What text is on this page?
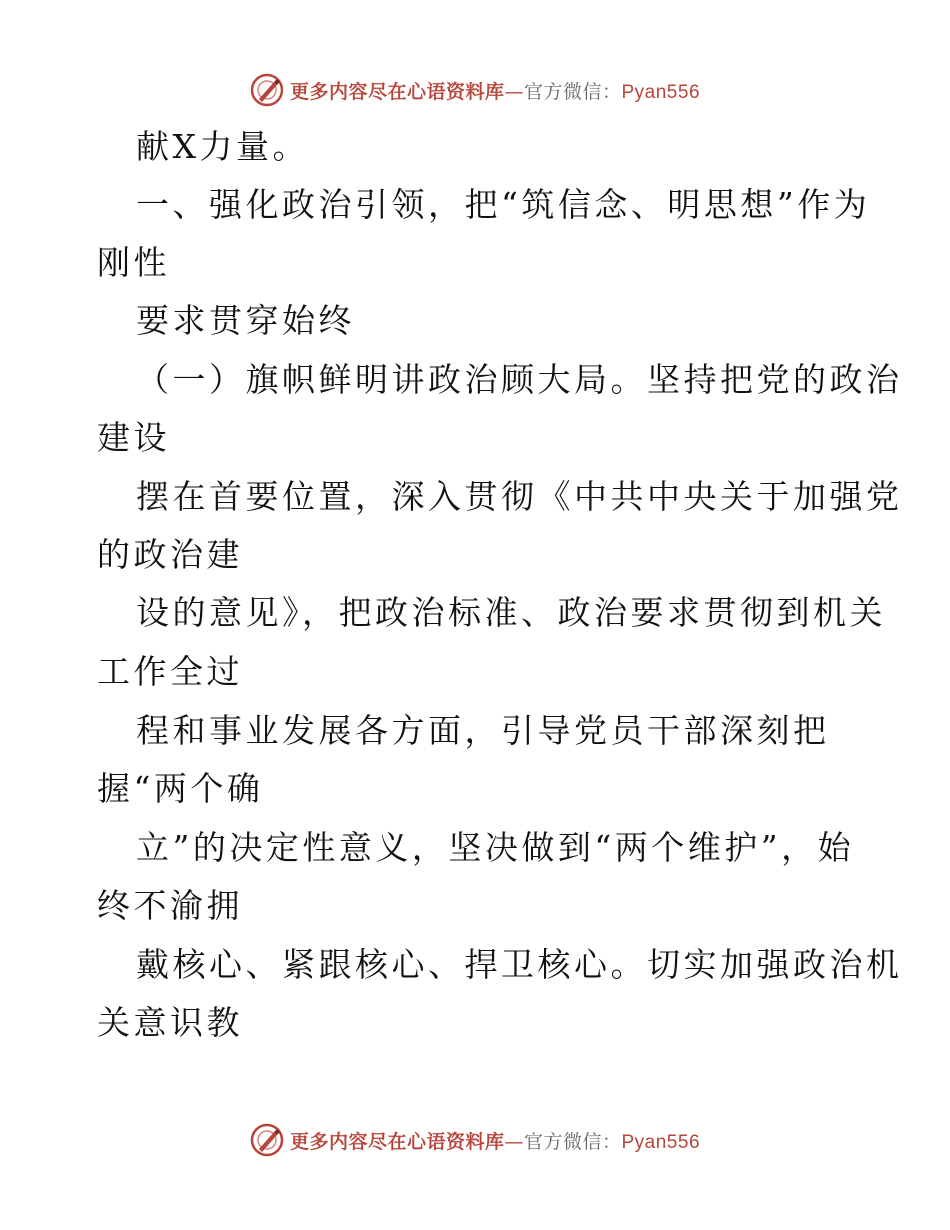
更多内容尽在心语资料库—官方微信：Pyan556
献X力量。
一、强化政治引领，把“筑信念、明思想”作为
刚性
要求贯穿始终
（一）旗帜鲜明讲政治顾大局。坚持把党的政治
建设
摆在首要位置，深入贯彻《中共中央关于加强党
的政治建
设的意见》，把政治标准、政治要求贯彻到机关
工作全过
程和事业发展各方面，引导党员干部深刻把
握“两个确
立”的决定性意义，坚决做到“两个维护”，始
终不渝拥
戴核心、紧跟核心、捍卫核心。切实加强政治机
关意识教
更多内容尽在心语资料库—官方微信：Pyan556
